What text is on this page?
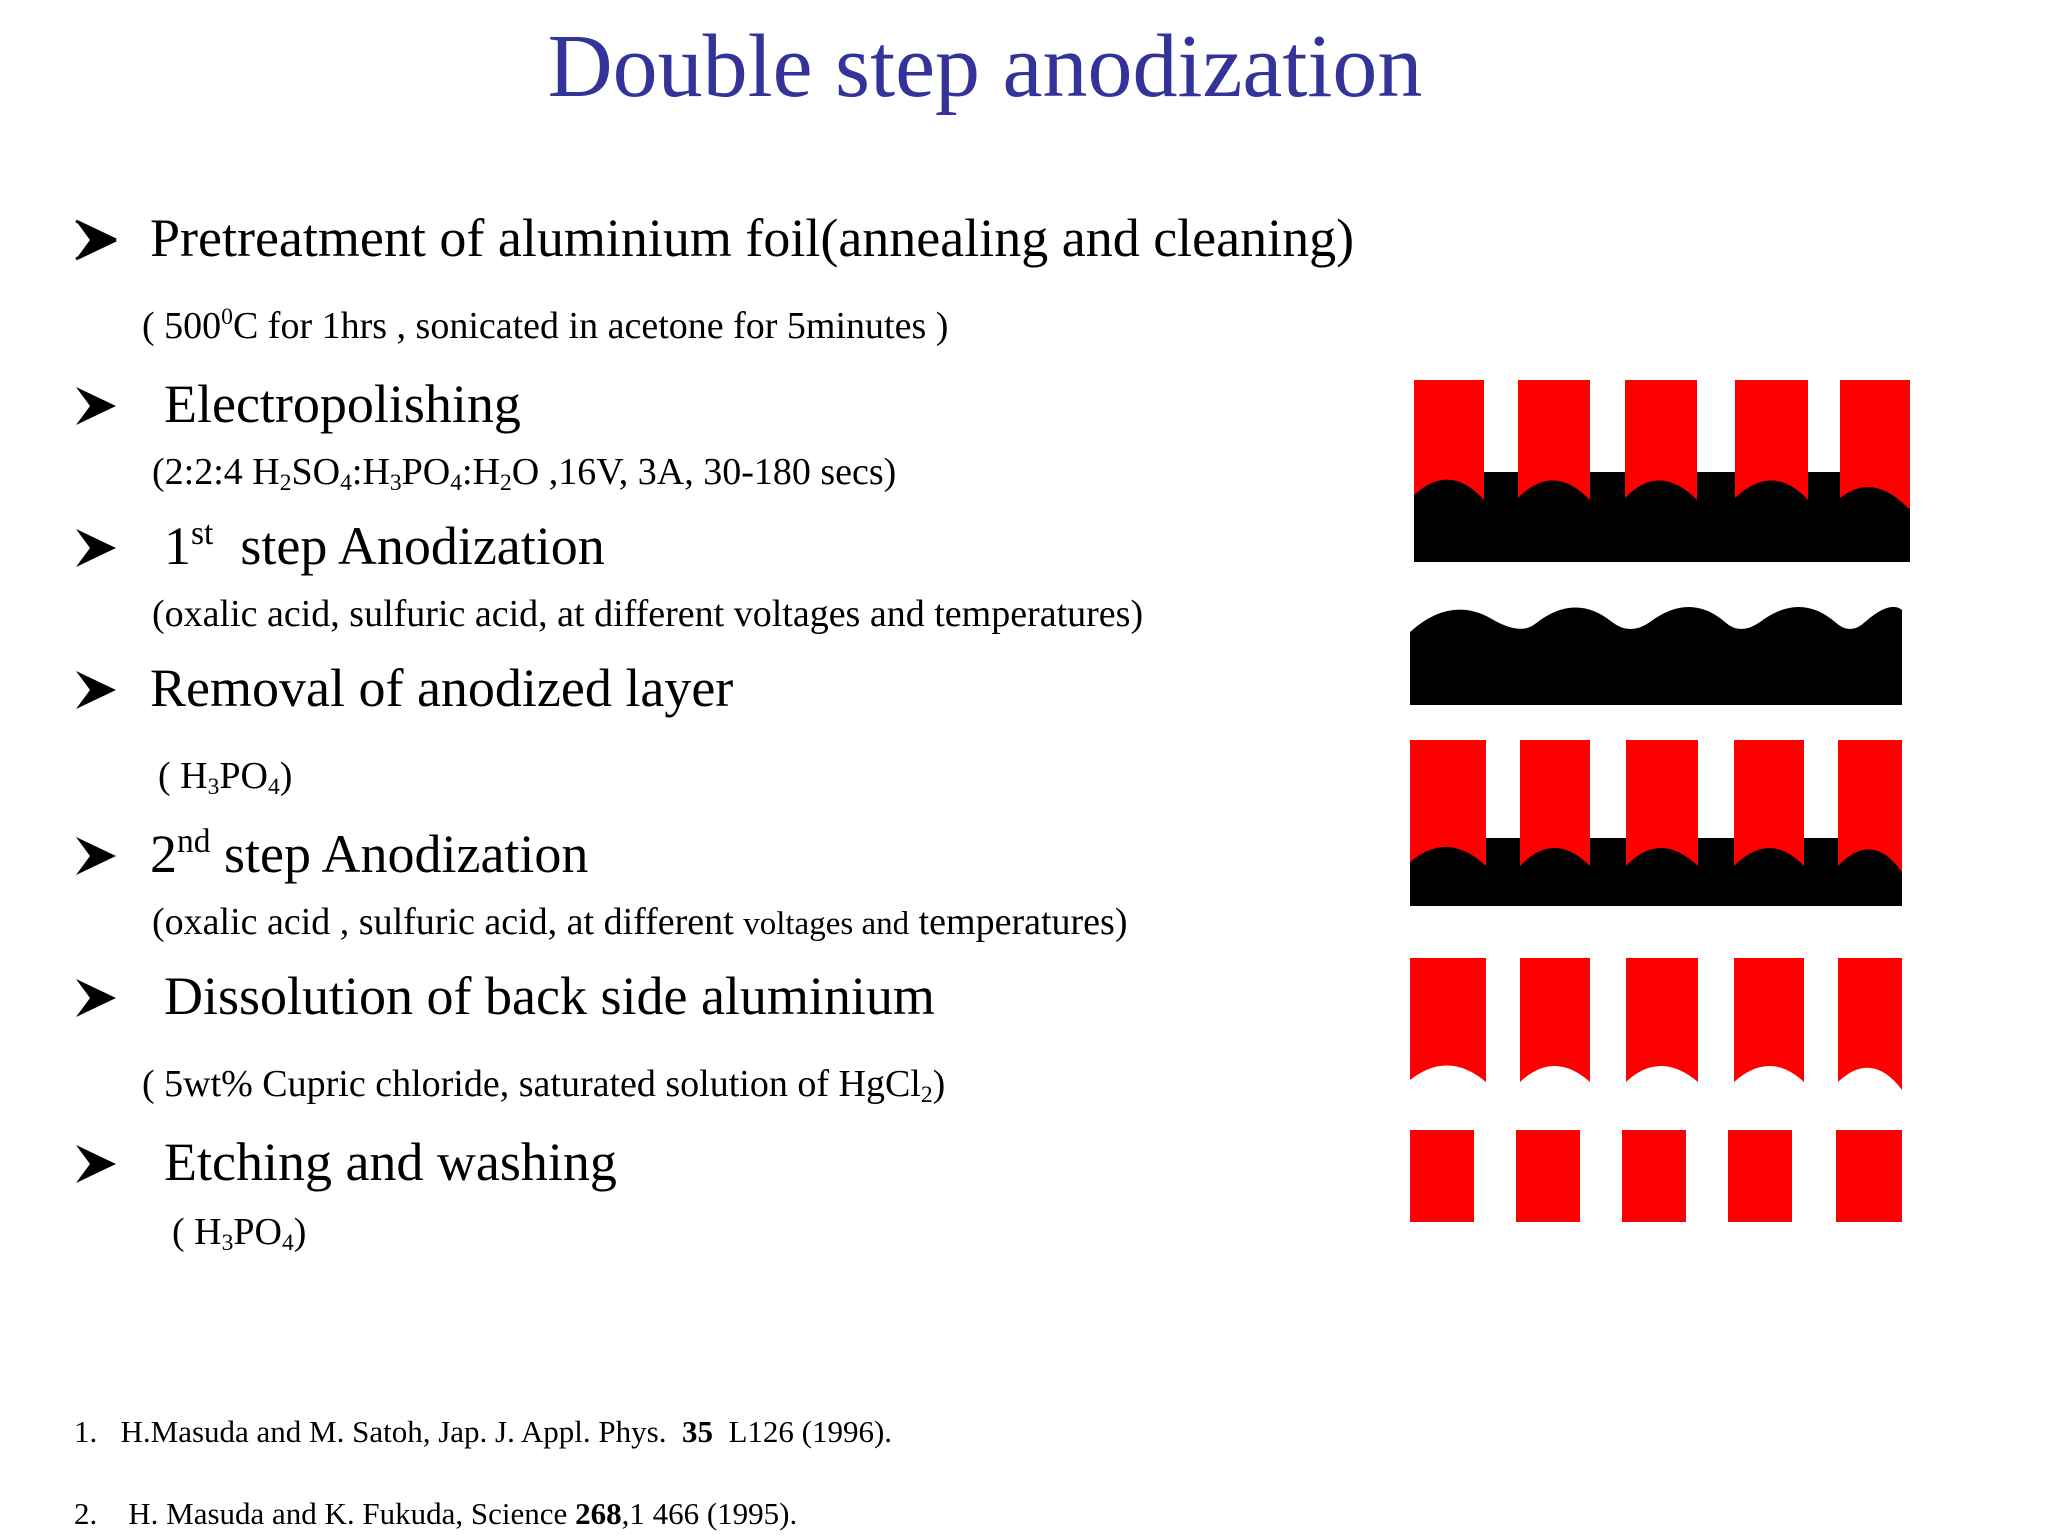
Double step anodization
Pretreatment of aluminium foil(annealing and cleaning)
( $500^0C$ for 1hrs , sonicated in acetone for 5minutes )
Electropolishing
(2:2:4 $H_2SO_4:H_3PO_4:H_2O$ ,16V, 3A, 30-180 secs)
1st  step Anodization
(oxalic acid, sulfuric acid, at different voltages and temperatures)
Removal of anodized layer
( $H_3PO_4$)
2nd step Anodization
(oxalic acid , sulfuric acid, at different voltages and temperatures)
Dissolution of back side aluminium
( 5wt% Cupric chloride, saturated solution of HgCl$_2$)
Etching and washing
( $H_3PO_4$)
1. H.Masuda and M. Satoh, Jap. J. Appl. Phys.  35  L126 (1996).
2. H. Masuda and K. Fukuda, Science 268,1 466 (1995).
